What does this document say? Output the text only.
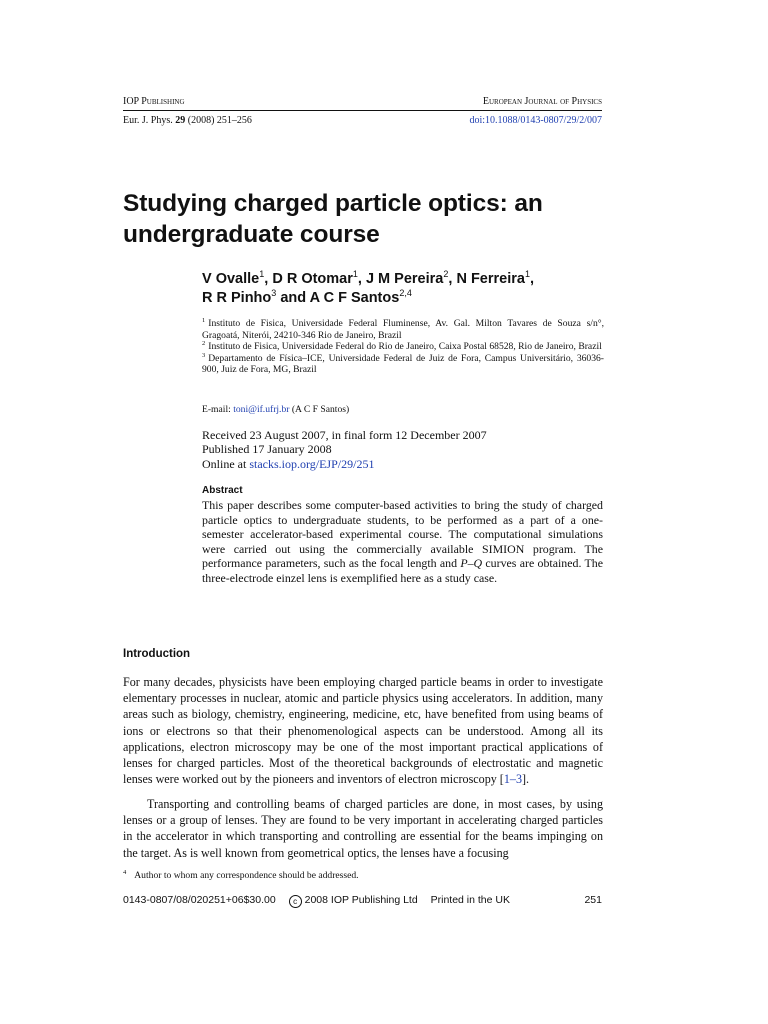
IOP Publishing	European Journal of Physics
Eur. J. Phys. 29 (2008) 251–256	doi:10.1088/0143-0807/29/2/007
Studying charged particle optics: an undergraduate course
V Ovalle$^1$, D R Otomar$^1$, J M Pereira$^2$, N Ferreira$^1$,
R R Pinho$^3$ and A C F Santos$^{2,4}$
$^1$ Instituto de Fisica, Universidade Federal Fluminense, Av. Gal. Milton Tavares de Souza s/n°, Gragoatá, Niterói, 24210-346 Rio de Janeiro, Brazil
$^2$ Instituto de Fisica, Universidade Federal do Rio de Janeiro, Caixa Postal 68528, Rio de Janeiro, Brazil
$^3$ Departamento de Física–ICE, Universidade Federal de Juiz de Fora, Campus Universitário, 36036-900, Juiz de Fora, MG, Brazil
E-mail: toni@if.ufrj.br (A C F Santos)
Received 23 August 2007, in final form 12 December 2007
Published 17 January 2008
Online at stacks.iop.org/EJP/29/251
Abstract
This paper describes some computer-based activities to bring the study of charged particle optics to undergraduate students, to be performed as a part of a one-semester accelerator-based experimental course. The computational simulations were carried out using the commercially available SIMION program. The performance parameters, such as the focal length and P–Q curves are obtained. The three-electrode einzel lens is exemplified here as a study case.
Introduction
For many decades, physicists have been employing charged particle beams in order to investigate elementary processes in nuclear, atomic and particle physics using accelerators. In addition, many areas such as biology, chemistry, engineering, medicine, etc, have benefited from using beams of ions or electrons so that their phenomenological aspects can be understood. Among all its applications, electron microscopy may be one of the most important practical applications of lenses for charged particles. Most of the theoretical backgrounds of electrostatic and magnetic lenses were worked out by the pioneers and inventors of electron microscopy [1–3].
Transporting and controlling beams of charged particles are done, in most cases, by using lenses or a group of lenses. They are found to be very important in accelerating charged particles in the accelerator in which transporting and controlling are essential for the beams impinging on the target. As is well known from geometrical optics, the lenses have a focusing
$^4$ Author to whom any correspondence should be addressed.
0143-0807/08/020251+06$30.00 c 2008 IOP Publishing Ltd Printed in the UK	251
